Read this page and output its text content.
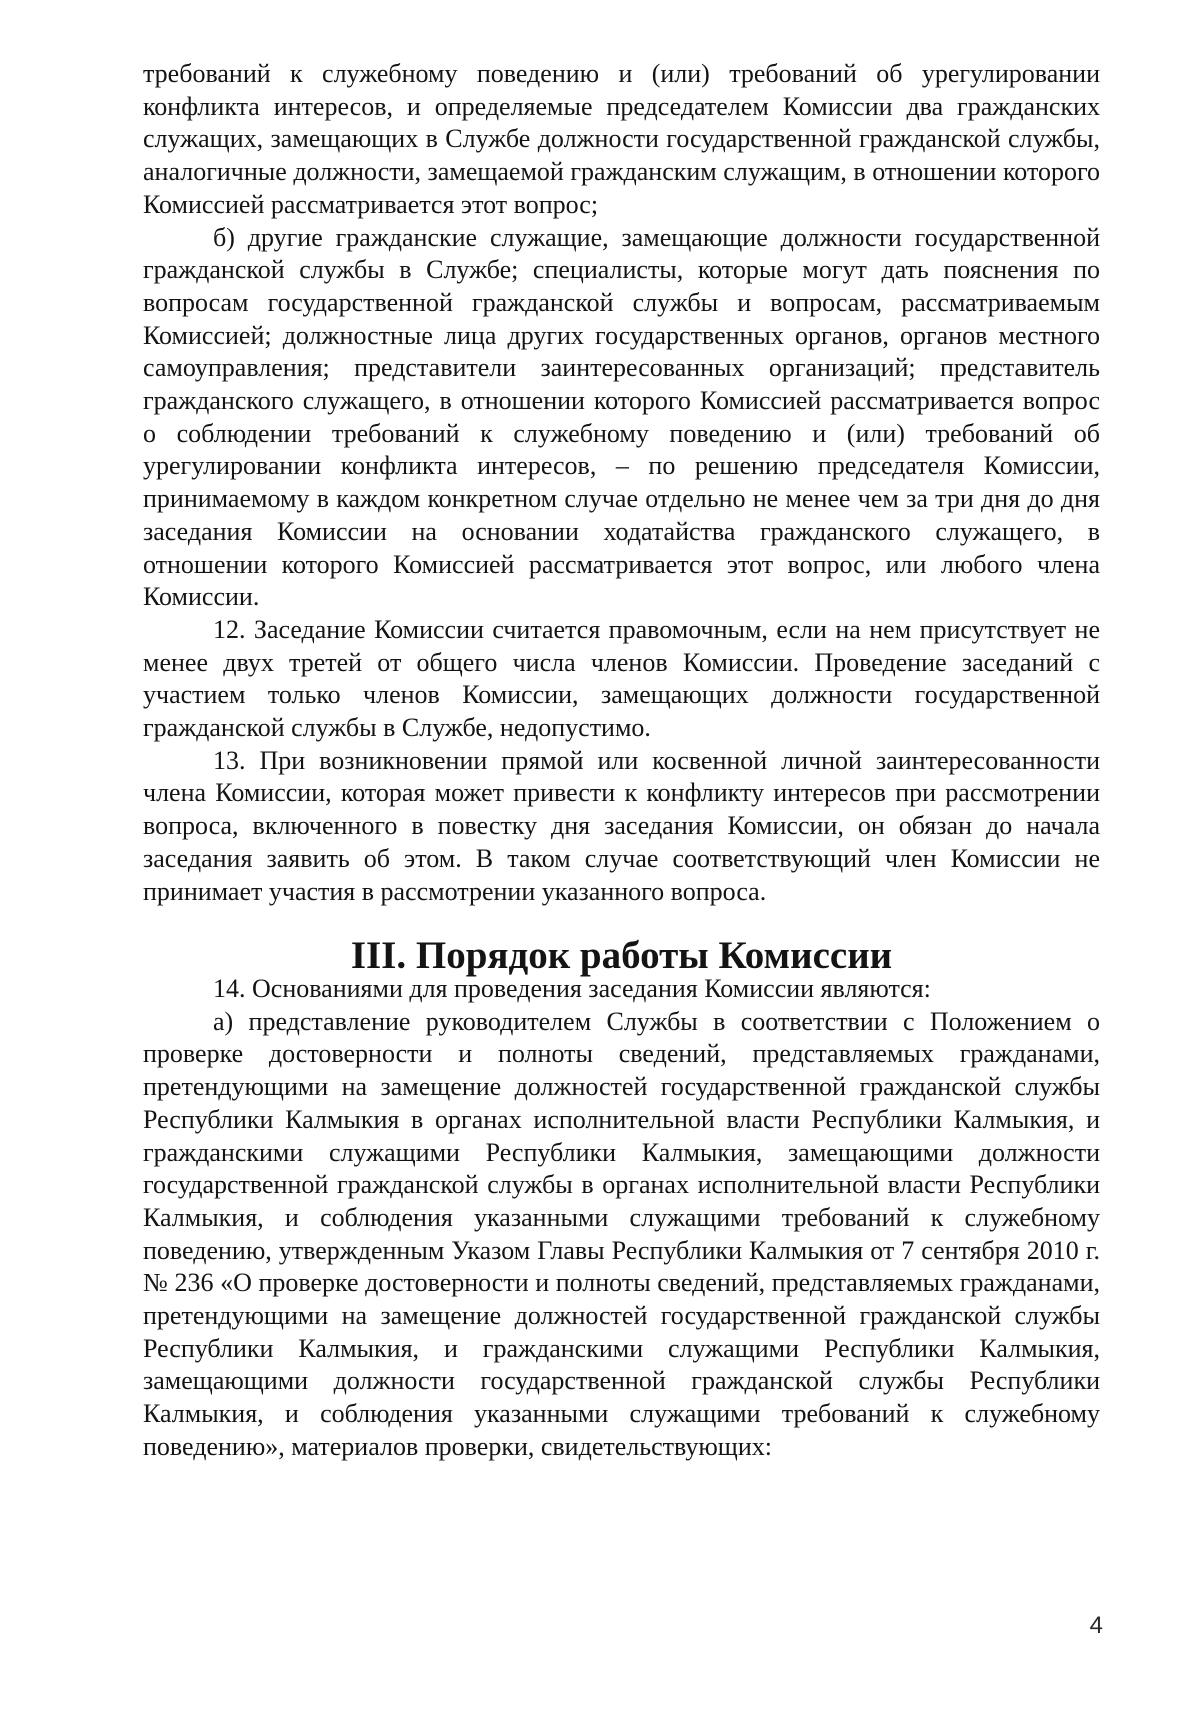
требований к служебному поведению и (или) требований об урегулировании конфликта интересов, и определяемые председателем Комиссии два гражданских служащих, замещающих в Службе должности государственной гражданской службы, аналогичные должности, замещаемой гражданским служащим, в отношении которого Комиссией рассматривается этот вопрос;

б) другие гражданские служащие, замещающие должности государственной гражданской службы в Службе; специалисты, которые могут дать пояснения по вопросам государственной гражданской службы и вопросам, рассматриваемым Комиссией; должностные лица других государственных органов, органов местного самоуправления; представители заинтересованных организаций; представитель гражданского служащего, в отношении которого Комиссией рассматривается вопрос о соблюдении требований к служебному поведению и (или) требований об урегулировании конфликта интересов, – по решению председателя Комиссии, принимаемому в каждом конкретном случае отдельно не менее чем за три дня до дня заседания Комиссии на основании ходатайства гражданского служащего, в отношении которого Комиссией рассматривается этот вопрос, или любого члена Комиссии.

12. Заседание Комиссии считается правомочным, если на нем присутствует не менее двух третей от общего числа членов Комиссии. Проведение заседаний с участием только членов Комиссии, замещающих должности государственной гражданской службы в Службе, недопустимо.

13. При возникновении прямой или косвенной личной заинтересованности члена Комиссии, которая может привести к конфликту интересов при рассмотрении вопроса, включенного в повестку дня заседания Комиссии, он обязан до начала заседания заявить об этом. В таком случае соответствующий член Комиссии не принимает участия в рассмотрении указанного вопроса.

III. Порядок работы Комиссии

14. Основаниями для проведения заседания Комиссии являются:

а) представление руководителем Службы в соответствии с Положением о проверке достоверности и полноты сведений, представляемых гражданами, претендующими на замещение должностей государственной гражданской службы Республики Калмыкия в органах исполнительной власти Республики Калмыкия, и гражданскими служащими Республики Калмыкия, замещающими должности государственной гражданской службы в органах исполнительной власти Республики Калмыкия, и соблюдения указанными служащими требований к служебному поведению, утвержденным Указом Главы Республики Калмыкия от 7 сентября 2010 г. № 236 «О проверке достоверности и полноты сведений, представляемых гражданами, претендующими на замещение должностей государственной гражданской службы Республики Калмыкия, и гражданскими служащими Республики Калмыкия, замещающими должности государственной гражданской службы Республики Калмыкия, и соблюдения указанными служащими требований к служебному поведению», материалов проверки, свидетельствующих:

4
